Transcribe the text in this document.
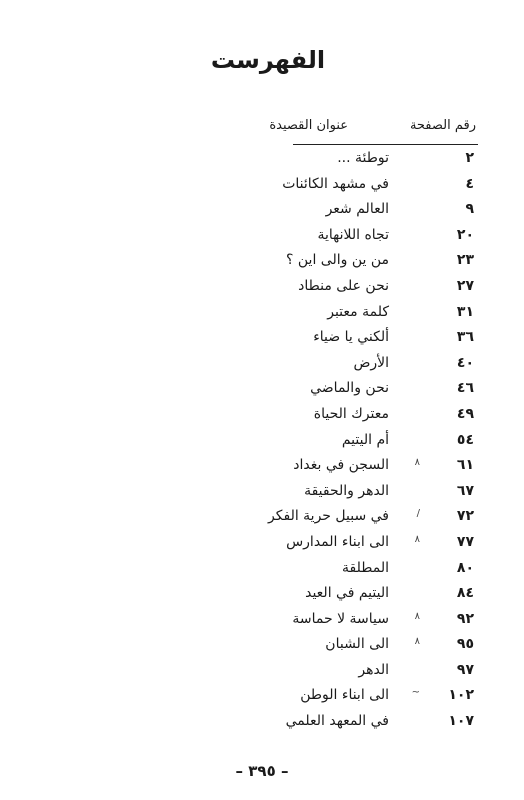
الفهرست
رقم الصفحة
عنوان القصيدة
٢
توطئة ...
٤
في مشهد الكائنات
٩
العالم شعر
٢٠
تجاه اللانهاية
٢٣
من ين والى اين ؟
٢٧
نحن على منطاد
٣١
كلمة معتبر
٣٦
ألكني يا ضياء
٤٠
الأرض
٤٦
نحن والماضي
٤٩
معترك الحياة
٥٤
أم اليتيم
٦١
٨
السجن في بغداد
٦٧
الدهر والحقيقة
٧٢
/
في سبيل حرية الفكر
٧٧
٨
الى ابناء المدارس
٨٠
المطلقة
٨٤
اليتيم في العيد
٩٢
٨
سياسة لا حماسة
٩٥
٨
الى الشبان
٩٧
الدهر
١٠٢
~
الى ابناء الوطن
١٠٧
في المعهد العلمي
– ٣٩٥ –
